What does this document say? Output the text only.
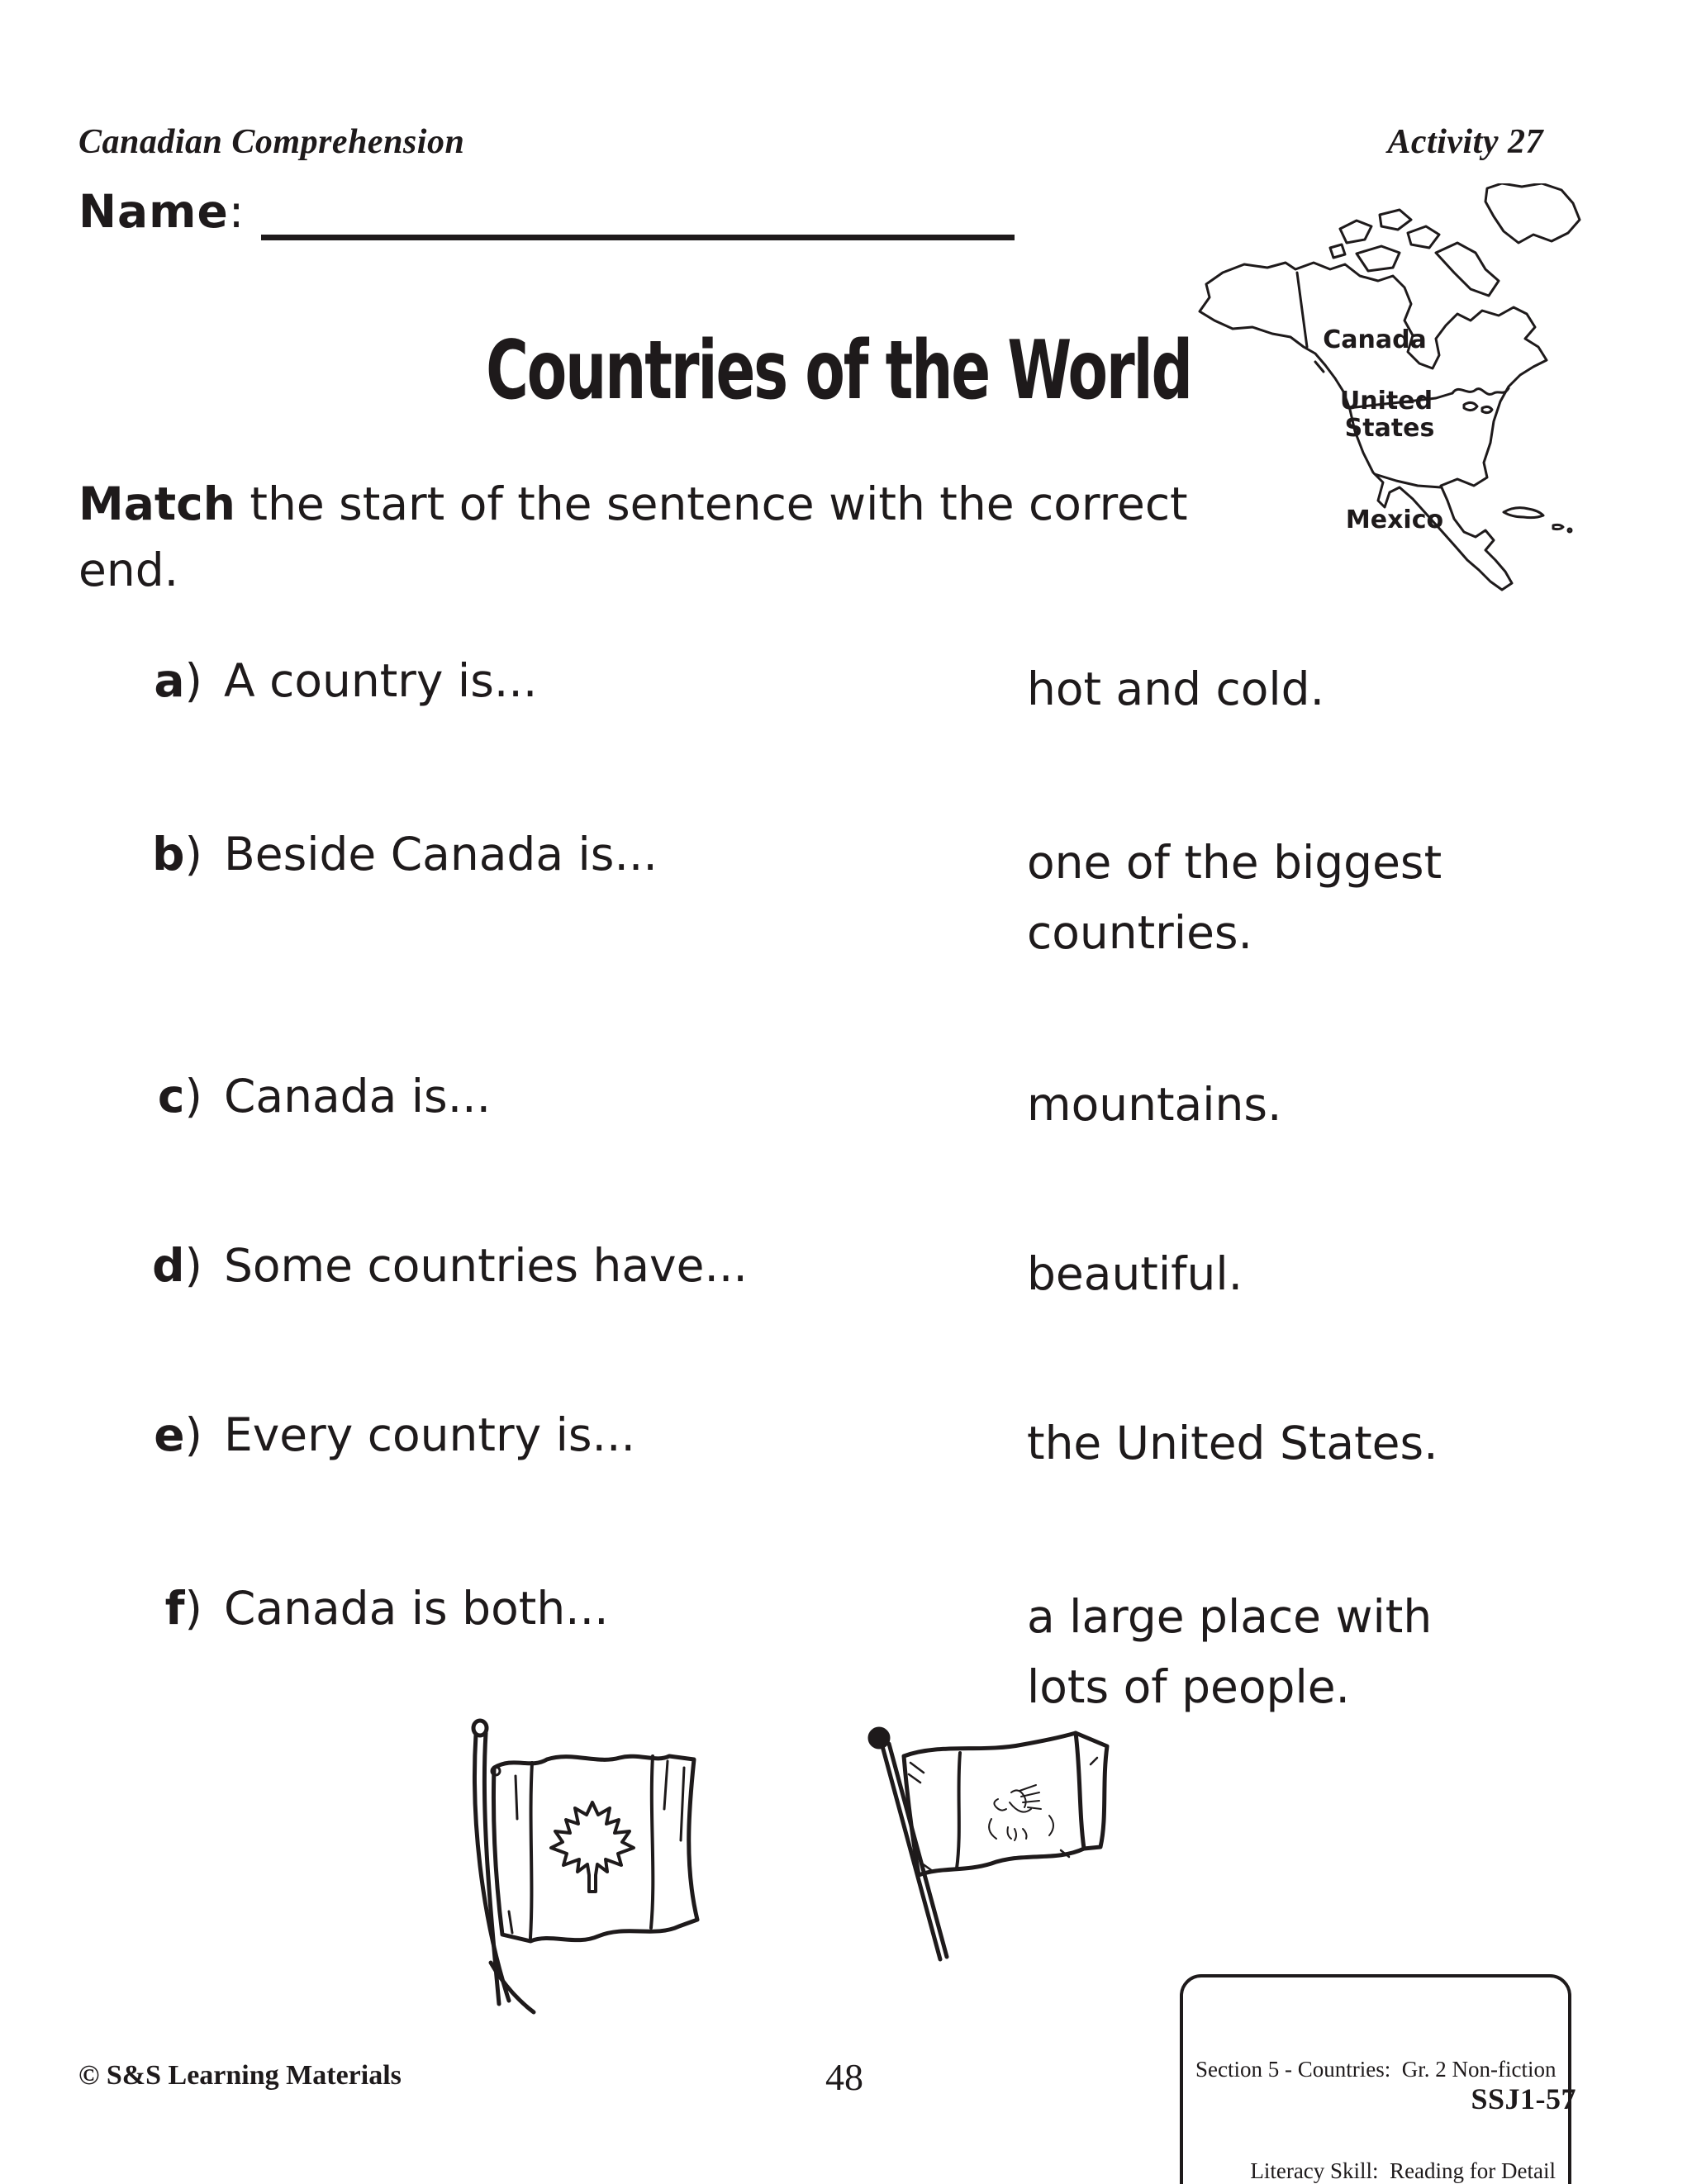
Canadian Comprehension	Activity 27
Name:
Countries of the World	Canada
United
States
Mexico
Match the start of the sentence with the correct
end.
a) A country is...	hot and cold.
b) Beside Canada is...	one of the biggest countries.
c) Canada is...	mountains.
d) Some countries have...	beautiful.
e) Every country is...	the United States.
f) Canada is both...	a large place with lots of people.

Section 5 - Countries:  Gr. 2 Non-fiction

Literacy Skill:  Reading for Detail

© S&S Learning Materials	48
SSJ1-57
